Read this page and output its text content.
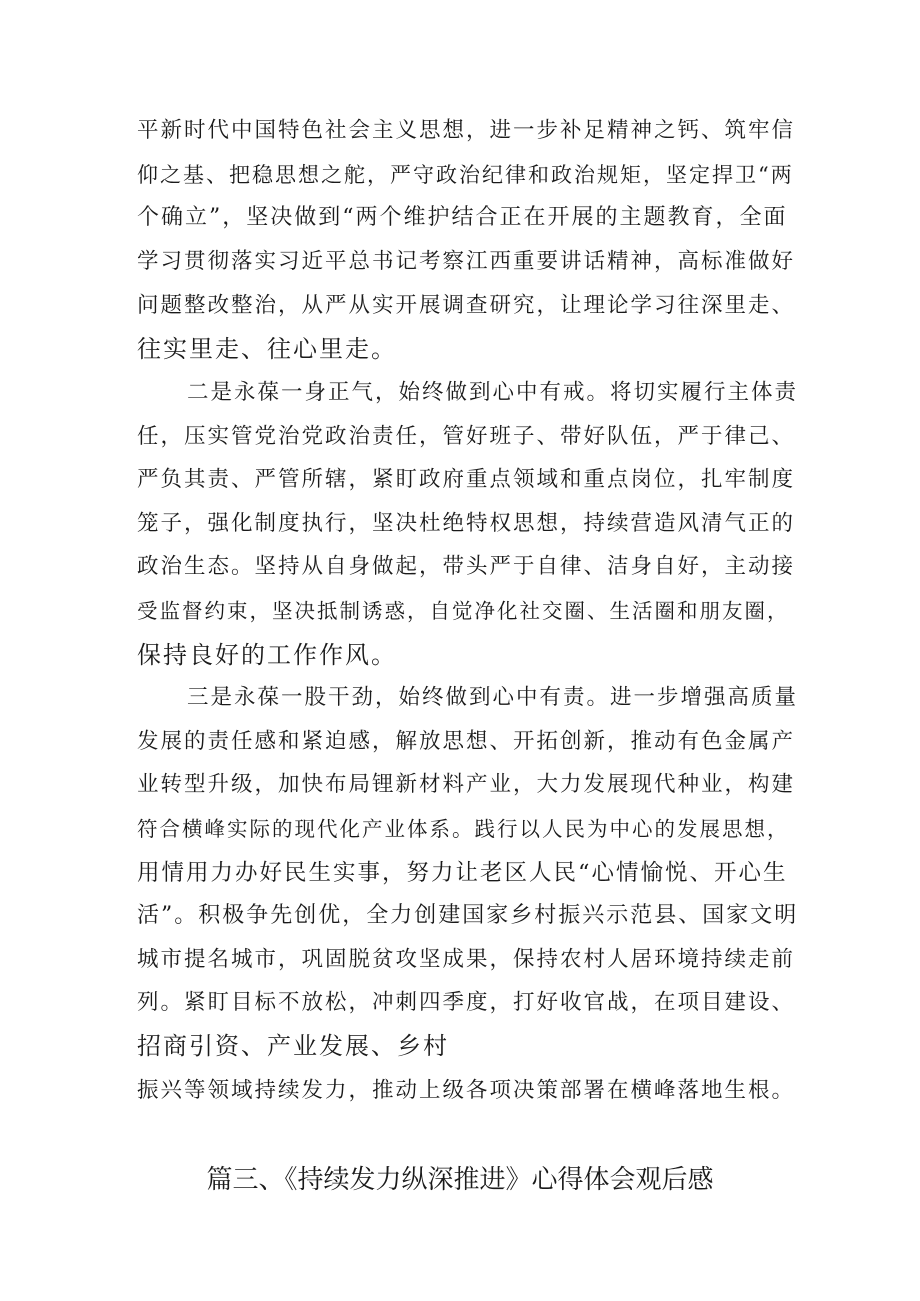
平新时代中国特色社会主义思想，进一步补足精神之钙、筑牢信
仰之基、把稳思想之舵，严守政治纪律和政治规矩，坚定捍卫“两
个确立”，坚决做到“两个维护结合正在开展的主题教育，全面
学习贯彻落实习近平总书记考察江西重要讲话精神，高标准做好
问题整改整治，从严从实开展调查研究，让理论学习往深里走、
往实里走、往心里走。
二是永葆一身正气，始终做到心中有戒。将切实履行主体责
任，压实管党治党政治责任，管好班子、带好队伍，严于律己、
严负其责、严管所辖，紧盯政府重点领域和重点岗位，扎牢制度
笼子，强化制度执行，坚决杜绝特权思想，持续营造风清气正的
政治生态。坚持从自身做起，带头严于自律、洁身自好，主动接
受监督约束，坚决抵制诱惑，自觉净化社交圈、生活圈和朋友圈，
保持良好的工作作风。
三是永葆一股干劲，始终做到心中有责。进一步增强高质量
发展的责任感和紧迫感，解放思想、开拓创新，推动有色金属产
业转型升级，加快布局锂新材料产业，大力发展现代种业，构建
符合横峰实际的现代化产业体系。践行以人民为中心的发展思想，
用情用力办好民生实事，努力让老区人民“心情愉悦、开心生
活”。积极争先创优，全力创建国家乡村振兴示范县、国家文明
城市提名城市，巩固脱贫攻坚成果，保持农村人居环境持续走前
列。紧盯目标不放松，冲刺四季度，打好收官战，在项目建设、
招商引资、产业发展、乡村
振兴等领域持续发力，推动上级各项决策部署在横峰落地生根。
篇三、《持续发力纵深推进》心得体会观后感
